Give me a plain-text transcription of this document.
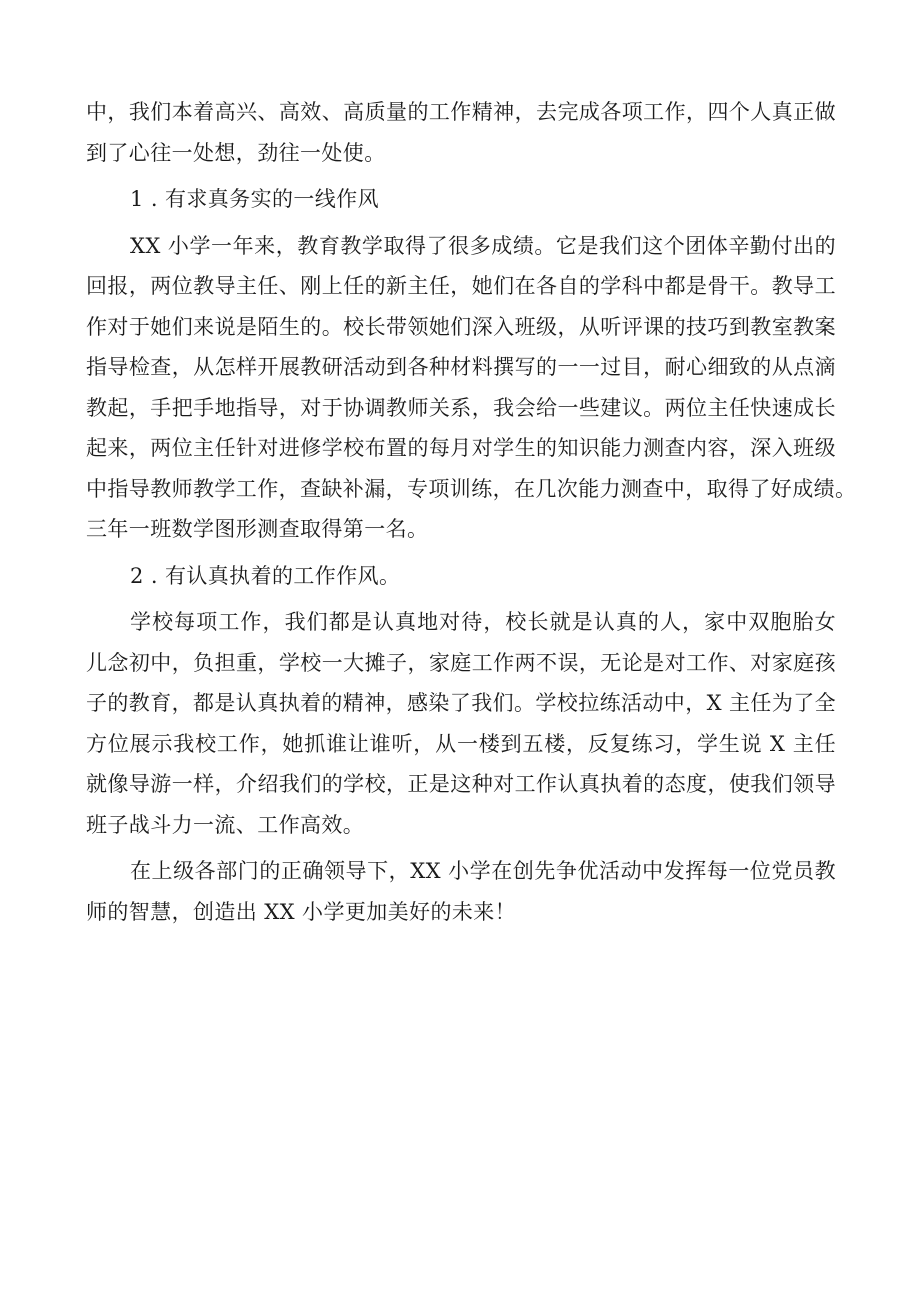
中，我们本着高兴、高效、高质量的工作精神，去完成各项工作，四个人真正做
到了心往一处想，劲往一处使。
1 . 有求真务实的一线作风
XX 小学一年来，教育教学取得了很多成绩。它是我们这个团体辛勤付出的
回报，两位教导主任、刚上任的新主任，她们在各自的学科中都是骨干。教导工
作对于她们来说是陌生的。校长带领她们深入班级，从听评课的技巧到教室教案
指导检查，从怎样开展教研活动到各种材料撰写的一一过目，耐心细致的从点滴
教起，手把手地指导，对于协调教师关系，我会给一些建议。两位主任快速成长
起来，两位主任针对进修学校布置的每月对学生的知识能力测查内容，深入班级
中指导教师教学工作，查缺补漏，专项训练，在几次能力测查中，取得了好成绩。
三年一班数学图形测查取得第一名。
2 . 有认真执着的工作作风。
学校每项工作，我们都是认真地对待，校长就是认真的人，家中双胞胎女
儿念初中，负担重，学校一大摊子，家庭工作两不误，无论是对工作、对家庭孩
子的教育，都是认真执着的精神，感染了我们。学校拉练活动中，X 主任为了全
方位展示我校工作，她抓谁让谁听，从一楼到五楼，反复练习，学生说 X 主任
就像导游一样，介绍我们的学校，正是这种对工作认真执着的态度，使我们领导
班子战斗力一流、工作高效。
在上级各部门的正确领导下，XX 小学在创先争优活动中发挥每一位党员教
师的智慧，创造出 XX 小学更加美好的未来！
